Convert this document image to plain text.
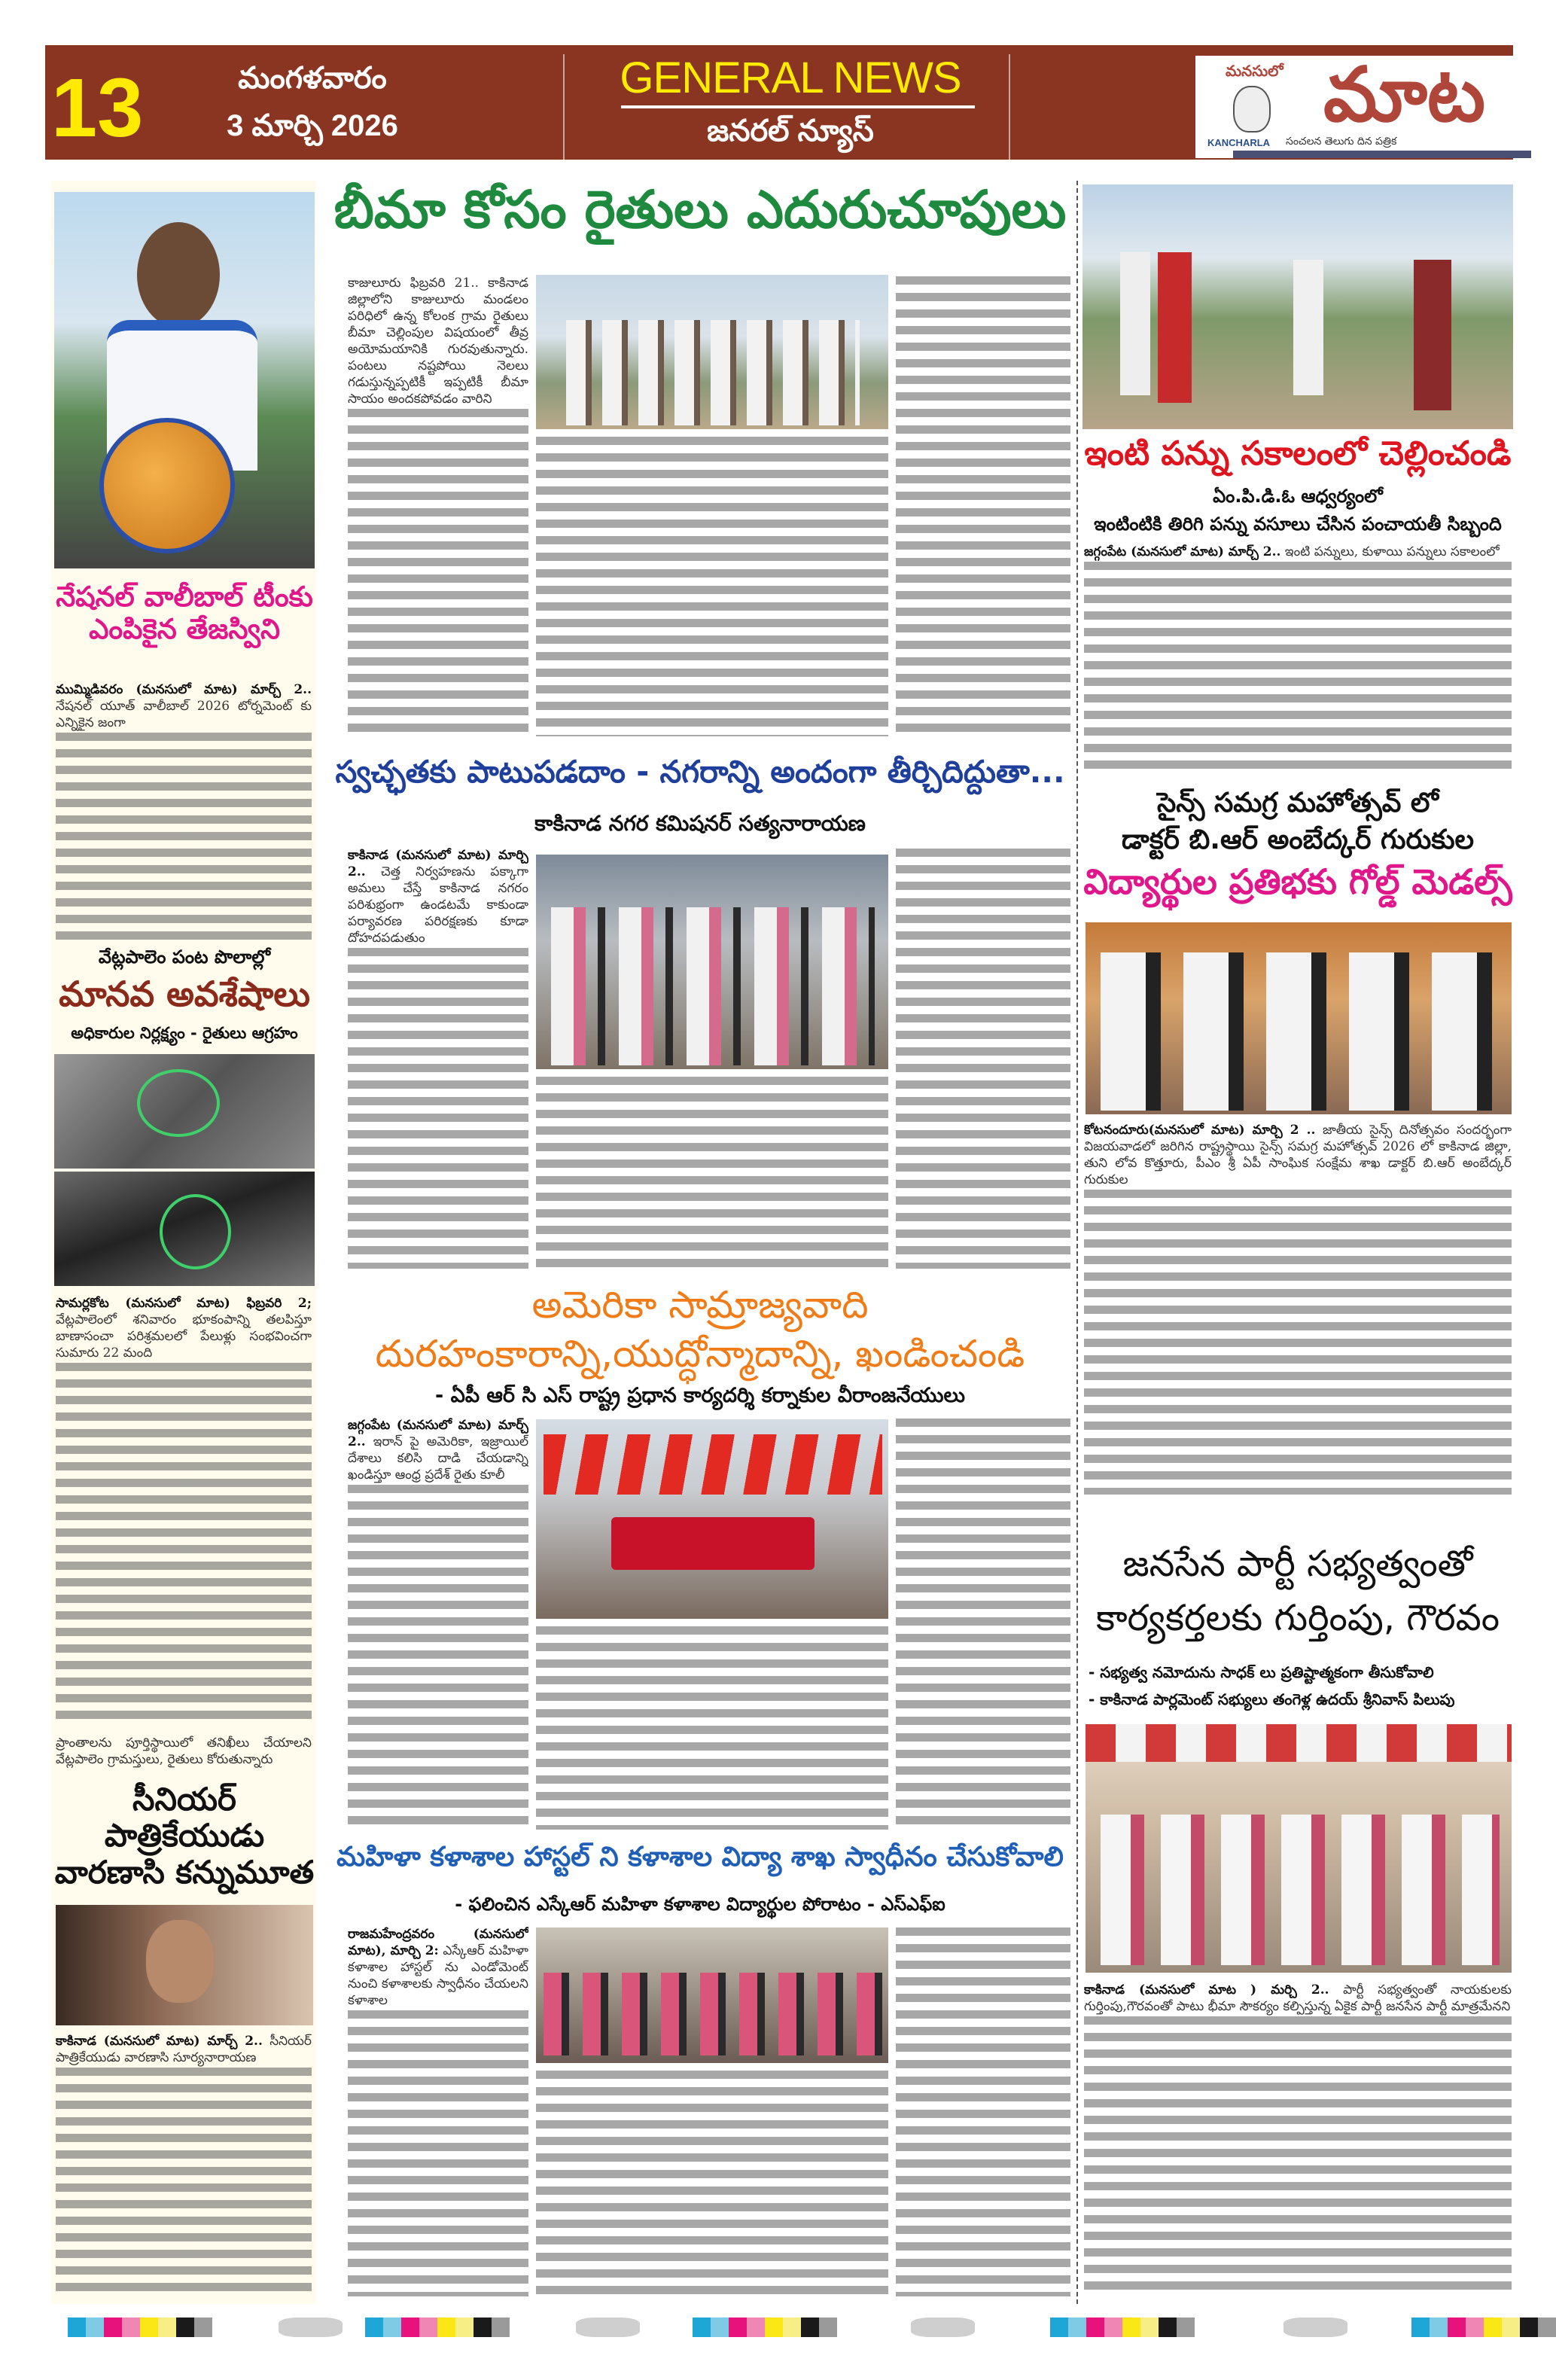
13	మంగళవారం
3 మార్చి 2026
GENERAL NEWS
జనరల్ న్యూస్
మనసులో మాట
KANCHARLA సంచలన తెలుగు దిన పత్రిక
నేషనల్ వాలీబాల్ టీంకు ఎంపికైన తేజస్విని

ముమ్మిడివరం (మనసులో మాట) మార్చ్ 2.. నేషనల్ యూత్ వాలీబాల్ 2026 టోర్నమెంట్ కు ఎన్నికైన జంగా

వేట్లపాలెం పంట పొలాల్లో
మానవ అవశేషాలు
అధికారుల నిర్లక్ష్యం - రైతులు ఆగ్రహం

సామర్లకోట (మనసులో మాట) ఫిబ్రవరి 2; వేట్లపాలెంలో శనివారం భూకంపాన్ని తలపిస్తూ బాణాసంచా పరిశ్రమలలో పేలుళ్లు సంభవించగా సుమారు 22 మంది

ప్రాంతాలను పూర్తిస్థాయిలో తనిఖీలు చేయాలని వేట్లపాలెం గ్రామస్తులు, రైతులు కోరుతున్నారు

సీనియర్ పాత్రికేయుడు వారణాసి కన్నుమూత

కాకినాడ (మనసులో మాట) మార్చ్ 2.. సీనియర్ పాత్రికేయుడు వారణాసి సూర్యనారాయణ

బీమా కోసం రైతులు ఎదురుచూపులు

కాజులూరు ఫిబ్రవరి 21.. కాకినాడ జిల్లాలోని కాజులూరు మండలం పరిధిలో ఉన్న కోలంక గ్రామ రైతులు బీమా చెల్లింపుల విషయంలో తీవ్ర అయోమయానికి గురవుతున్నారు. పంటలు నష్టపోయి నెలలు గడుస్తున్నప్పటికీ ఇప్పటికీ బీమా సాయం అందకపోవడం వారిని

స్వచ్ఛతకు పాటుపడదాం - నగరాన్ని అందంగా తీర్చిదిద్దుతా...
కాకినాడ నగర కమిషనర్ సత్యనారాయణ

కాకినాడ (మనసులో మాట) మార్చి 2.. చెత్త నిర్వహణను పక్కాగా అమలు చేస్తే కాకినాడ నగరం పరిశుభ్రంగా ఉండటమే కాకుండా పర్యావరణ పరిరక్షణకు కూడా దోహదపడుతుం

అమెరికా సామ్రాజ్యవాది
దురహంకారాన్ని,యుద్ధోన్మాదాన్ని, ఖండించండి
- ఏపీ ఆర్ సి ఎస్ రాష్ట్ర ప్రధాన కార్యదర్శి కర్నాకుల వీరాంజనేయులు

జగ్గంపేట (మనసులో మాట) మార్చ్ 2.. ఇరాన్ పై అమెరికా, ఇజ్రాయిల్ దేశాలు కలిసి దాడి చేయడాన్ని ఖండిస్తూ ఆంధ్ర ప్రదేశ్ రైతు కూలీ

మహిళా కళాశాల హాస్టల్ ని కళాశాల విద్యా శాఖ స్వాధీనం చేసుకోవాలి
- ఫలించిన ఎస్కేఆర్ మహిళా కళాశాల విద్యార్థుల పోరాటం - ఎస్ఎఫ్ఐ

రాజమహేంద్రవరం (మనసులో మాట), మార్చి 2: ఎస్కేఆర్ మహిళా కళాశాల హాస్టల్ ను ఎండోమెంట్ నుంచి కళాశాలకు స్వాధీనం చేయలని కళాశాల

ఇంటి పన్ను సకాలంలో చెల్లించండి
ఏం.పి.డి.ఓ ఆధ్వర్యంలో
ఇంటింటికి తిరిగి పన్ను వసూలు చేసిన పంచాయతీ సిబ్బంది

జగ్గంపేట (మనసులో మాట) మార్చ్ 2.. ఇంటి పన్నులు, కుళాయి పన్నులు సకాలంలో

సైన్స్ సమగ్ర మహోత్సవ్ లో
డాక్టర్ బి.ఆర్ అంబేద్కర్ గురుకుల
విద్యార్థుల ప్రతిభకు గోల్డ్ మెడల్స్

కోటనందూరు(మనసులో మాట) మార్చి 2 .. జాతీయ సైన్స్ దినోత్సవం సందర్భంగా విజయవాడలో జరిగిన రాష్ట్రస్థాయి సైన్స్ సమగ్ర మహోత్సవ్ 2026 లో కాకినాడ జిల్లా, తుని లోవ కొత్తూరు, పీఎం శ్రీ ఏపీ సాంఘిక సంక్షేమ శాఖ డాక్టర్ బి.ఆర్ అంబేద్కర్ గురుకుల

జనసేన పార్టీ సభ్యత్వంతో
కార్యకర్తలకు గుర్తింపు, గౌరవం
- సభ్యత్వ నమోదును సాధక్ లు ప్రతిష్టాత్మకంగా తీసుకోవాలి
- కాకినాడ పార్లమెంట్ సభ్యులు తంగెళ్ల ఉదయ్ శ్రీనివాస్ పిలుపు

కాకినాడ (మనసులో మాట ) మర్చి 2.. పార్టీ సభ్యత్వంతో నాయకులకు గుర్తింపు,గౌరవంతో పాటు భీమా సౌకర్యం కల్పిస్తున్న ఏకైక పార్టీ జనసేన పార్టీ మాత్రమేనని
